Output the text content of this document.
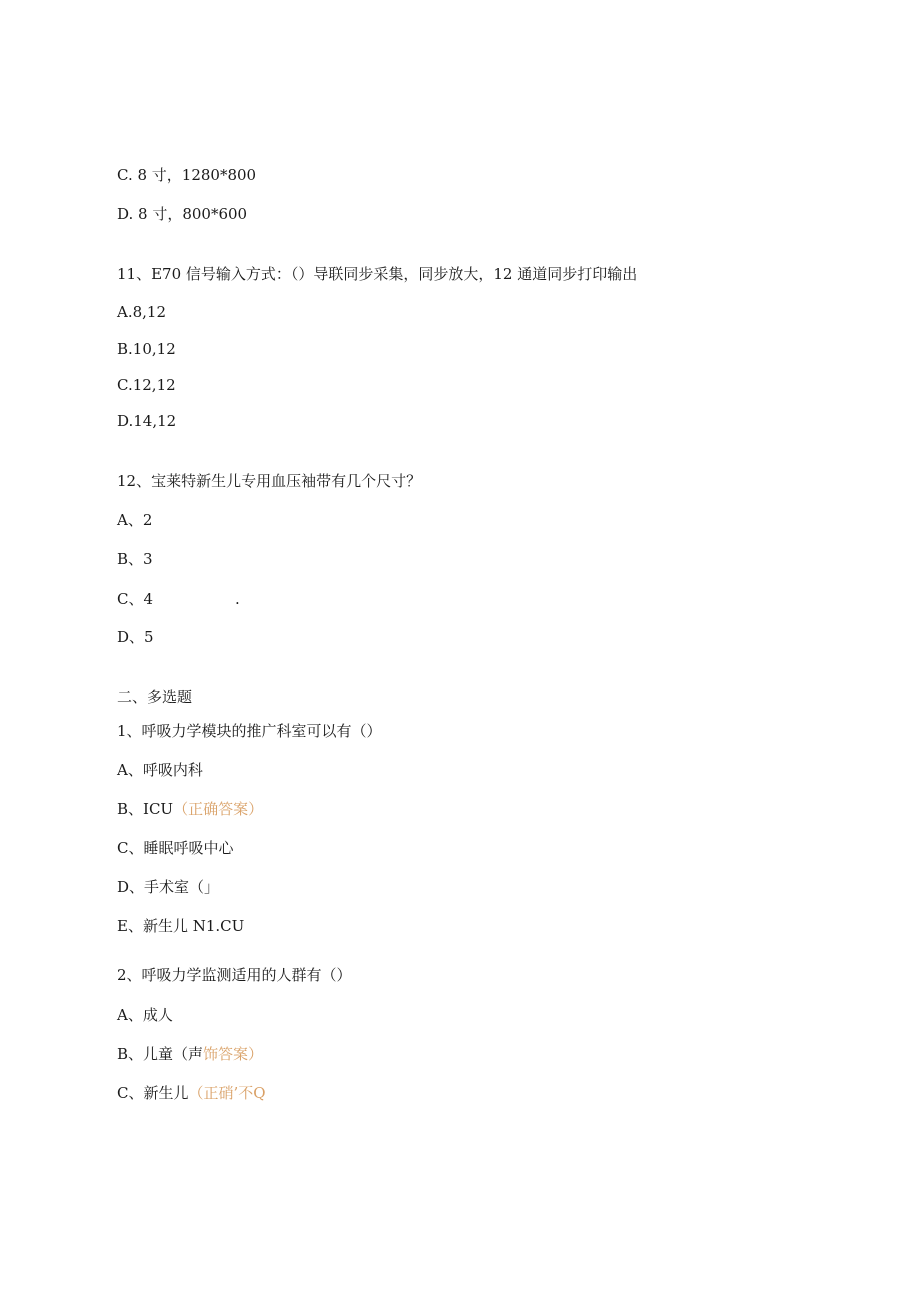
C. 8 寸，1280*800
D. 8 寸，800*600
11、E70 信号输入方式：（）导联同步采集，同步放大，12 通道同步打印输出
A.8,12
B.10,12
C.12,12
D.14,12
12、宝莱特新生儿专用血压袖带有几个尺寸？
A、2
B、3
C、4	.
D、5
二、多选题
1、呼吸力学模块的推广科室可以有（）
A、呼吸内科
B、ICU（正确答案）
C、睡眠呼吸中心
D、手术室（」
E、新生儿 N1.CU
2、呼吸力学监测适用的人群有（）
A、成人
B、儿童（声饰答案）
C、新生儿（正硝’不Q
